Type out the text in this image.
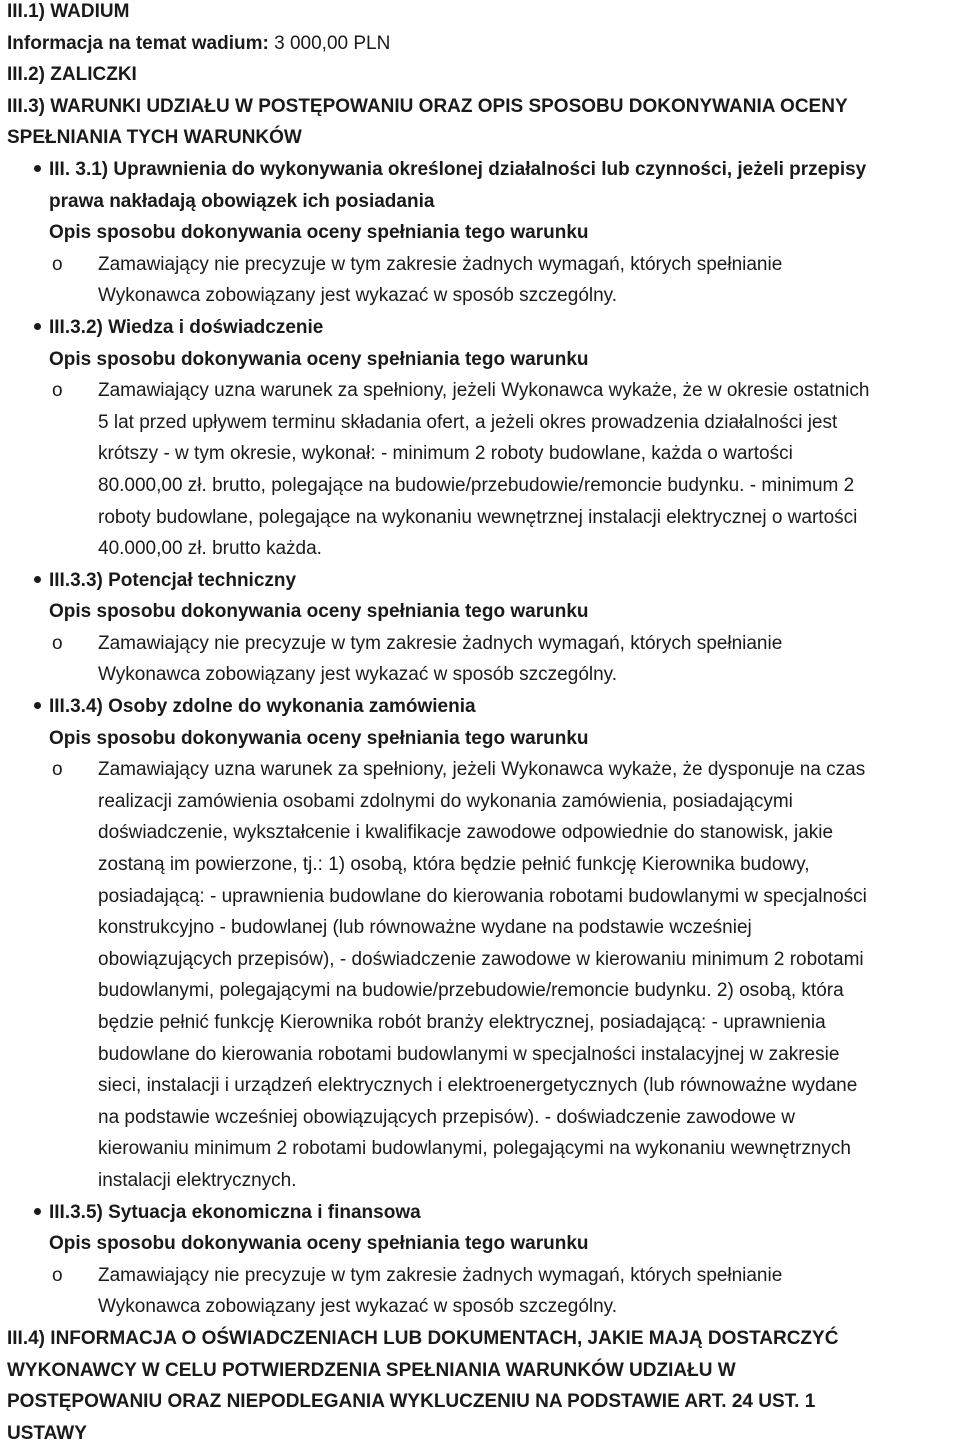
III.1) WADIUM
Informacja na temat wadium: 3 000,00 PLN
III.2) ZALICZKI
III.3) WARUNKI UDZIAŁU W POSTĘPOWANIU ORAZ OPIS SPOSOBU DOKONYWANIA OCENY
SPEŁNIANIA TYCH WARUNKÓW
III. 3.1) Uprawnienia do wykonywania określonej działalności lub czynności, jeżeli przepisy
prawa nakładają obowiązek ich posiadania
Opis sposobu dokonywania oceny spełniania tego warunku
o Zamawiający nie precyzuje w tym zakresie żadnych wymagań, których spełnianie
Wykonawca zobowiązany jest wykazać w sposób szczególny.
III.3.2) Wiedza i doświadczenie
Opis sposobu dokonywania oceny spełniania tego warunku
o Zamawiający uzna warunek za spełniony, jeżeli Wykonawca wykaże, że w okresie ostatnich
5 lat przed upływem terminu składania ofert, a jeżeli okres prowadzenia działalności jest
krótszy - w tym okresie, wykonał: - minimum 2 roboty budowlane, każda o wartości
80.000,00 zł. brutto, polegające na budowie/przebudowie/remoncie budynku. - minimum 2
roboty budowlane, polegające na wykonaniu wewnętrznej instalacji elektrycznej o wartości
40.000,00 zł. brutto każda.
III.3.3) Potencjał techniczny
Opis sposobu dokonywania oceny spełniania tego warunku
o Zamawiający nie precyzuje w tym zakresie żadnych wymagań, których spełnianie
Wykonawca zobowiązany jest wykazać w sposób szczególny.
III.3.4) Osoby zdolne do wykonania zamówienia
Opis sposobu dokonywania oceny spełniania tego warunku
o Zamawiający uzna warunek za spełniony, jeżeli Wykonawca wykaże, że dysponuje na czas
realizacji zamówienia osobami zdolnymi do wykonania zamówienia, posiadającymi
doświadczenie, wykształcenie i kwalifikacje zawodowe odpowiednie do stanowisk, jakie
zostaną im powierzone, tj.: 1) osobą, która będzie pełnić funkcję Kierownika budowy,
posiadającą: - uprawnienia budowlane do kierowania robotami budowlanymi w specjalności
konstrukcyjno - budowlanej (lub równoważne wydane na podstawie wcześniej
obowiązujących przepisów), - doświadczenie zawodowe w kierowaniu minimum 2 robotami
budowlanymi, polegającymi na budowie/przebudowie/remoncie budynku. 2) osobą, która
będzie pełnić funkcję Kierownika robót branży elektrycznej, posiadającą: - uprawnienia
budowlane do kierowania robotami budowlanymi w specjalności instalacyjnej w zakresie
sieci, instalacji i urządzeń elektrycznych i elektroenergetycznych (lub równoważne wydane
na podstawie wcześniej obowiązujących przepisów). - doświadczenie zawodowe w
kierowaniu minimum 2 robotami budowlanymi, polegającymi na wykonaniu wewnętrznych
instalacji elektrycznych.
III.3.5) Sytuacja ekonomiczna i finansowa
Opis sposobu dokonywania oceny spełniania tego warunku
o Zamawiający nie precyzuje w tym zakresie żadnych wymagań, których spełnianie
Wykonawca zobowiązany jest wykazać w sposób szczególny.
III.4) INFORMACJA O OŚWIADCZENIACH LUB DOKUMENTACH, JAKIE MAJĄ DOSTARCZYĆ
WYKONAWCY W CELU POTWIERDZENIA SPEŁNIANIA WARUNKÓW UDZIAŁU W
POSTĘPOWANIU ORAZ NIEPODLEGANIA WYKLUCZENIU NA PODSTAWIE ART. 24 UST. 1
USTAWY
